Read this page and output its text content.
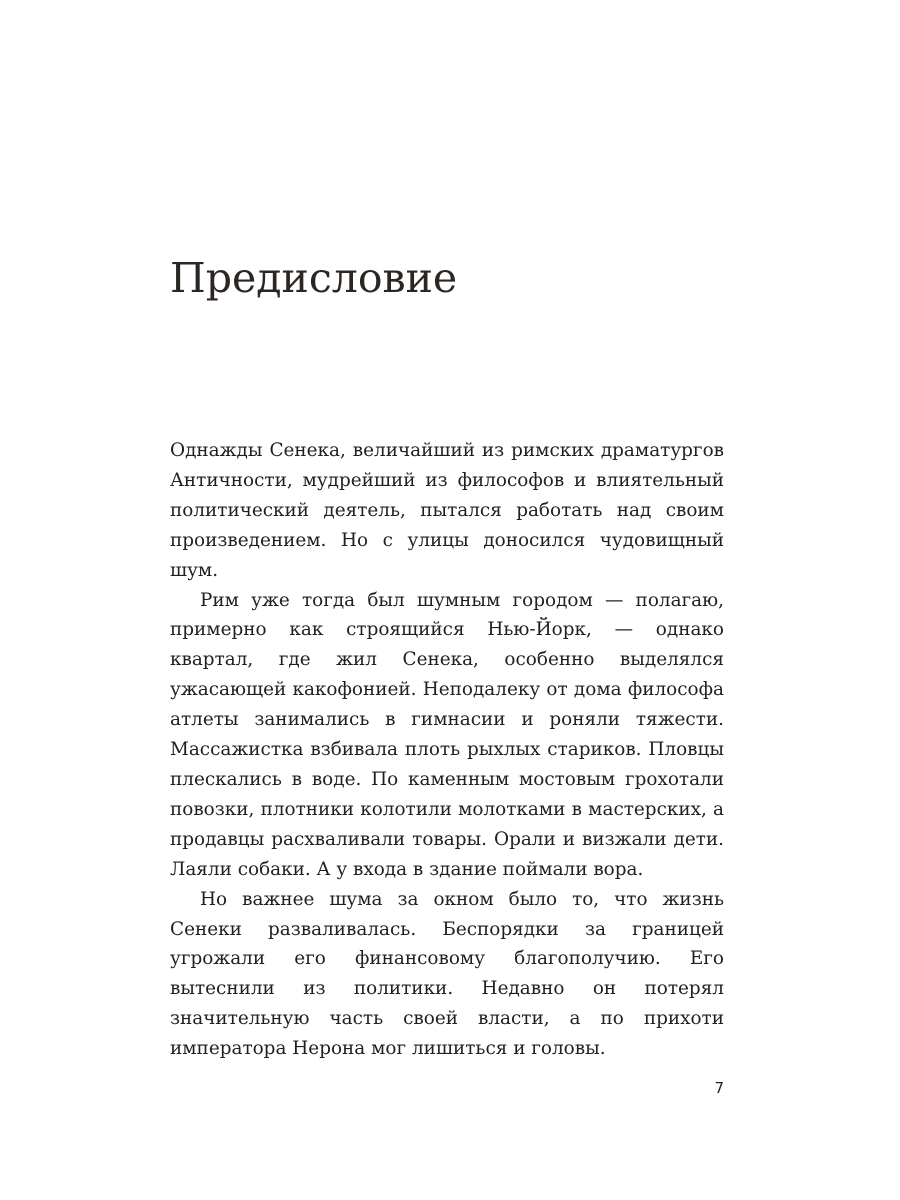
Предисловие

Однажды Сенека, величайший из римских драматургов Античности, мудрейший из философов и влиятельный политический деятель, пытался работать над своим произведением. Но с улицы доносился чудовищный шум.

Рим уже тогда был шумным городом — полагаю, примерно как строящийся Нью-Йорк, — однако квартал, где жил Сенека, особенно выделялся ужасающей какофонией. Неподалеку от дома философа атлеты занимались в гимнасии и роняли тяжести. Массажистка взбивала плоть рыхлых стариков. Пловцы плескались в воде. По каменным мостовым грохотали повозки, плотники колотили молотками в мастерских, а продавцы расхваливали товары. Орали и визжали дети. Лаяли собаки. А у входа в здание поймали вора.

Но важнее шума за окном было то, что жизнь Сенеки разваливалась. Беспорядки за границей угрожали его финансовому благополучию. Его вытеснили из политики. Недавно он потерял значительную часть своей власти, а по прихоти императора Нерона мог лишиться и головы.

7
